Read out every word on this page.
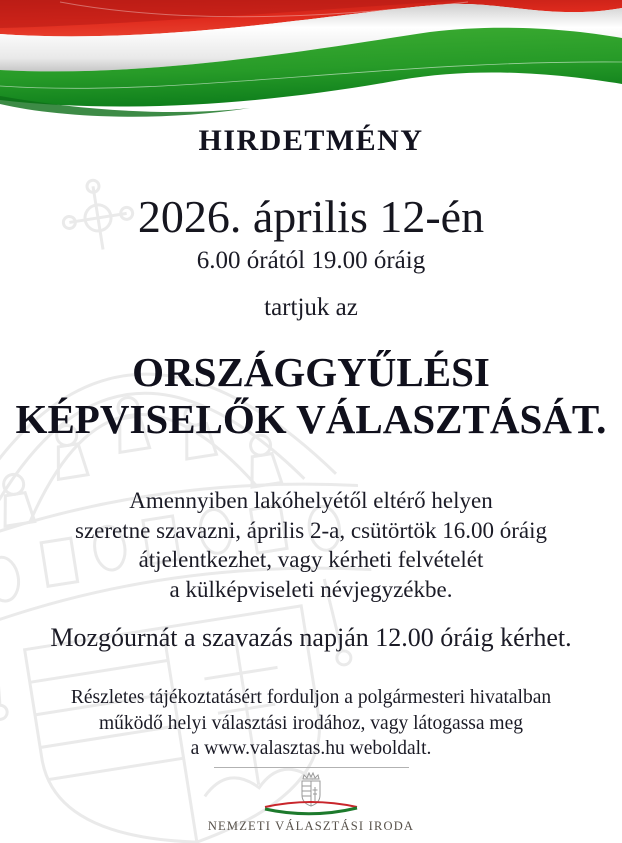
HIRDETMÉNY
2026. április 12-én
6.00 órától 19.00 óráig
tartjuk az
ORSZÁGGYŰLÉSI
KÉPVISELŐK VÁLASZTÁSÁT.
Amennyiben lakóhelyétől eltérő helyen
szeretne szavazni, április 2-a, csütörtök 16.00 óráig
átjelentkezhet, vagy kérheti felvételét
a külképviseleti névjegyzékbe.
Mozgóurnát a szavazás napján 12.00 óráig kérhet.
Részletes tájékoztatásért forduljon a polgármesteri hivatalban
működő helyi választási irodához, vagy látogassa meg
a www.valasztas.hu weboldalt.
NEMZETI VÁLASZTÁSI IRODA
